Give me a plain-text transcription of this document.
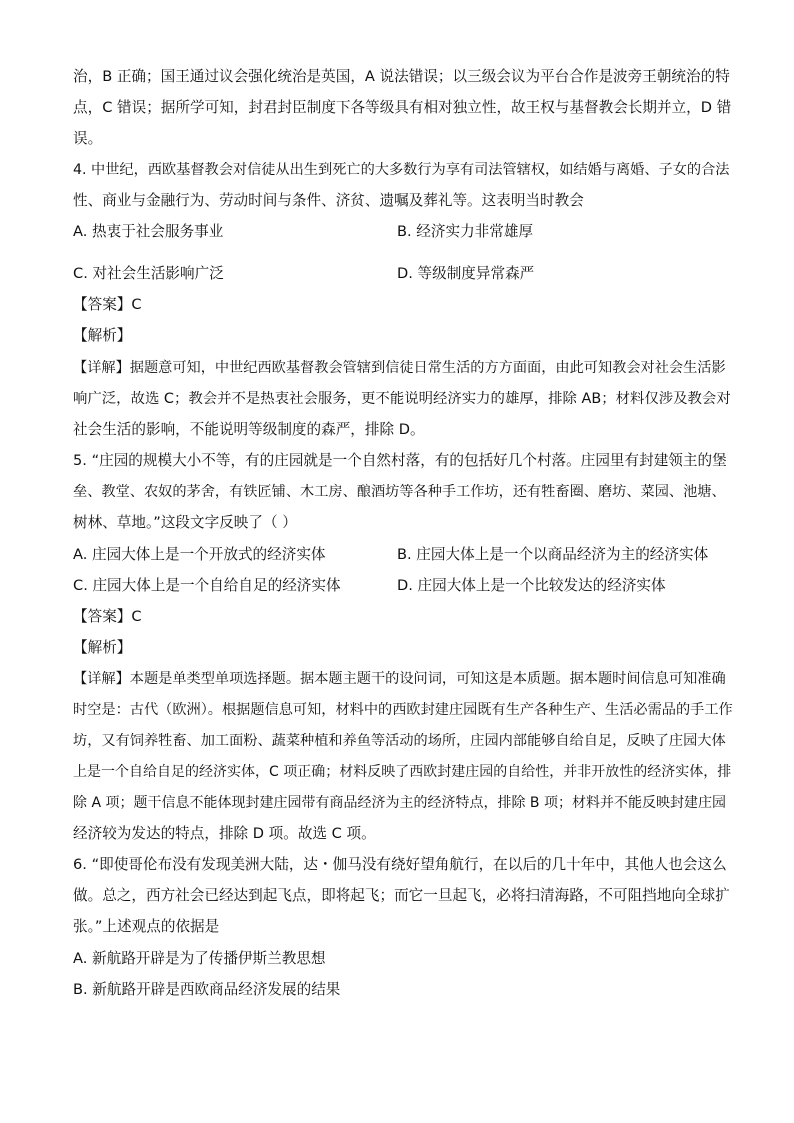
治，B 正确；国王通过议会强化统治是英国，A 说法错误；以三级会议为平台合作是波旁王朝统治的特
点，C 错误；据所学可知，封君封臣制度下各等级具有相对独立性，故王权与基督教会长期并立，D 错
误。
4. 中世纪，西欧基督教会对信徒从出生到死亡的大多数行为享有司法管辖权，如结婚与离婚、子女的合法
性、商业与金融行为、劳动时间与条件、济贫、遗嘱及葬礼等。这表明当时教会
A. 热衷于社会服务事业	B. 经济实力非常雄厚
C. 对社会生活影响广泛	D. 等级制度异常森严
【答案】C
【解析】
【详解】据题意可知，中世纪西欧基督教会管辖到信徒日常生活的方方面面，由此可知教会对社会生活影
响广泛，故选 C；教会并不是热衷社会服务，更不能说明经济实力的雄厚，排除 AB；材料仅涉及教会对
社会生活的影响，不能说明等级制度的森严，排除 D。
5. “庄园的规模大小不等，有的庄园就是一个自然村落，有的包括好几个村落。庄园里有封建领主的堡
垒、教堂、农奴的茅舍，有铁匠铺、木工房、酿酒坊等各种手工作坊，还有牲畜圈、磨坊、菜园、池塘、
树林、草地。”这段文字反映了（ ）
A. 庄园大体上是一个开放式的经济实体	B. 庄园大体上是一个以商品经济为主的经济实体
C. 庄园大体上是一个自给自足的经济实体	D. 庄园大体上是一个比较发达的经济实体
【答案】C
【解析】
【详解】本题是单类型单项选择题。据本题主题干的设问词，可知这是本质题。据本题时间信息可知准确
时空是：古代（欧洲）。根据题信息可知，材料中的西欧封建庄园既有生产各种生产、生活必需品的手工作
坊，又有饲养牲畜、加工面粉、蔬菜种植和养鱼等活动的场所，庄园内部能够自给自足，反映了庄园大体
上是一个自给自足的经济实体，C 项正确；材料反映了西欧封建庄园的自给性，并非开放性的经济实体，排
除 A 项；题干信息不能体现封建庄园带有商品经济为主的经济特点，排除 B 项；材料并不能反映封建庄园
经济较为发达的特点，排除 D 项。故选 C 项。
6. “即使哥伦布没有发现美洲大陆，达・伽马没有绕好望角航行，在以后的几十年中，其他人也会这么
做。总之，西方社会已经达到起飞点，即将起飞；而它一旦起飞，必将扫清海路，不可阻挡地向全球扩
张。”上述观点的依据是
A. 新航路开辟是为了传播伊斯兰教思想
B. 新航路开辟是西欧商品经济发展的结果
